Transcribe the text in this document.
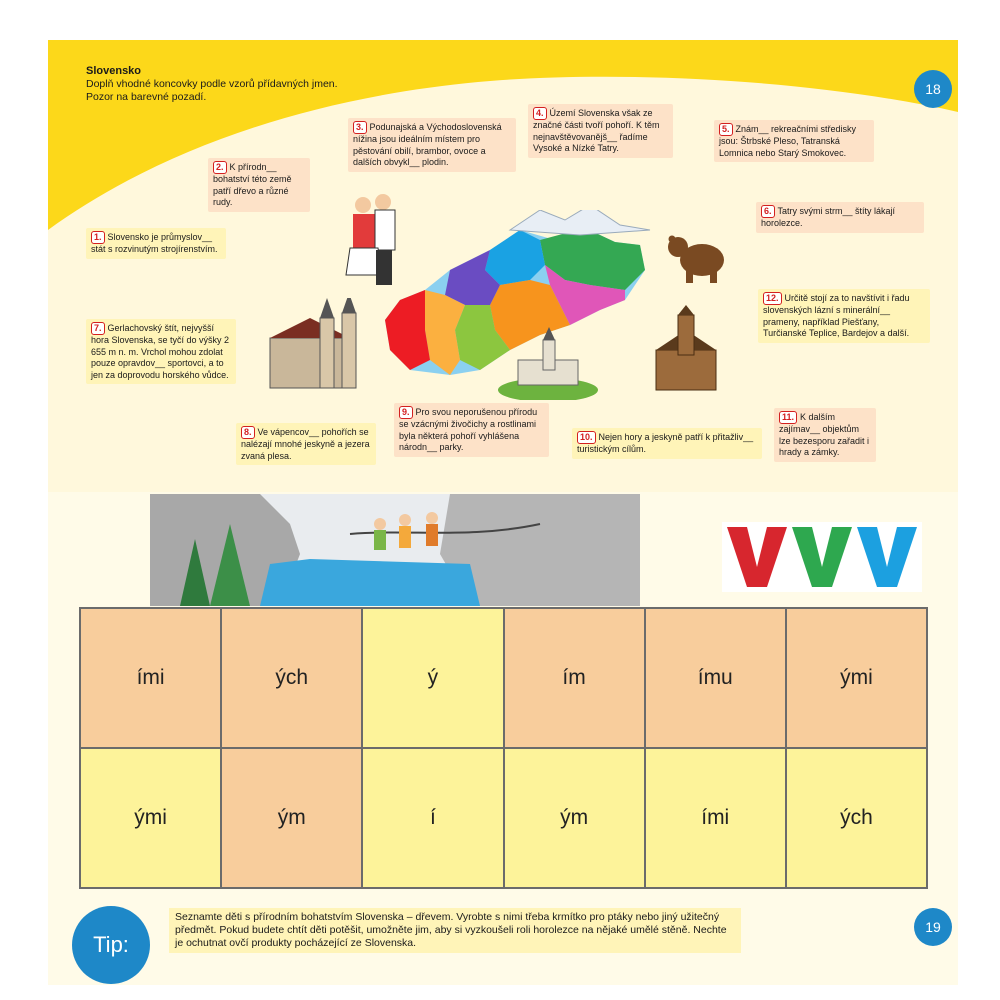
Slovensko
Doplň vhodné koncovky podle vzorů přídavných jmen.
Pozor na barevné pozadí.	18
1. Slovensko je průmyslov__ stát s rozvinutým strojírenstvím.
2. K přírodn__ bohatství této země patří dřevo a různé rudy.
3. Podunajská a Východoslovenská nížina jsou ideálním místem pro pěstování obilí, brambor, ovoce a dalších obvykl__ plodin.
4. Území Slovenska však ze značné části tvoří pohoří. K těm nejnavštěvovanějš__ řadíme Vysoké a Nízké Tatry.
5. Zná​m__ rekreačními středisky jsou: Štrbské Pleso, Tatranská Lomnica nebo Starý Smokovec.
6. Tatry svými strm__ štíty lákají horolezce.
7. Gerlachovský štít, nejvyšší hora Slovenska, se tyčí do výšky 2 655 m n. m. Vrchol mohou zdolat pouze opravdov__ sportovci, a to jen za doprovodu horského vůdce.
8. Ve vápencov__ pohořích se nalézají mnohé jeskyně a jezera zvaná plesa.
9. Pro svou neporušenou přírodu se vzácnými živočichy a rostlinami byla některá pohoří vyhlášena národn__ parky.
10. Nejen hory a jeskyně patří k přitažliv__ turistickým cílům.
11. K dalším zajímav__ objektům lze bezesporu zařadit i hrady a zámky.
12. Určitě stojí za to navštívit i řadu slovenských lázní s minerální__ prameny, například Piešťany, Turčianské Teplice, Bardejov a další.
ími	ých	ý	ím	ímu	ými
ými	ým	í	ým	ími	ých
Tip:
Seznamte děti s přírodním bohatstvím Slovenska – dřevem. Vyrobte s nimi třeba krmítko pro ptáky nebo jiný užitečný předmět. Pokud budete chtít děti potěšit, umožněte jim, aby si vyzkoušeli roli horolezce na nějaké umělé stěně. Nechte je ochutnat ovčí produkty pocházející ze Slovenska.
19
